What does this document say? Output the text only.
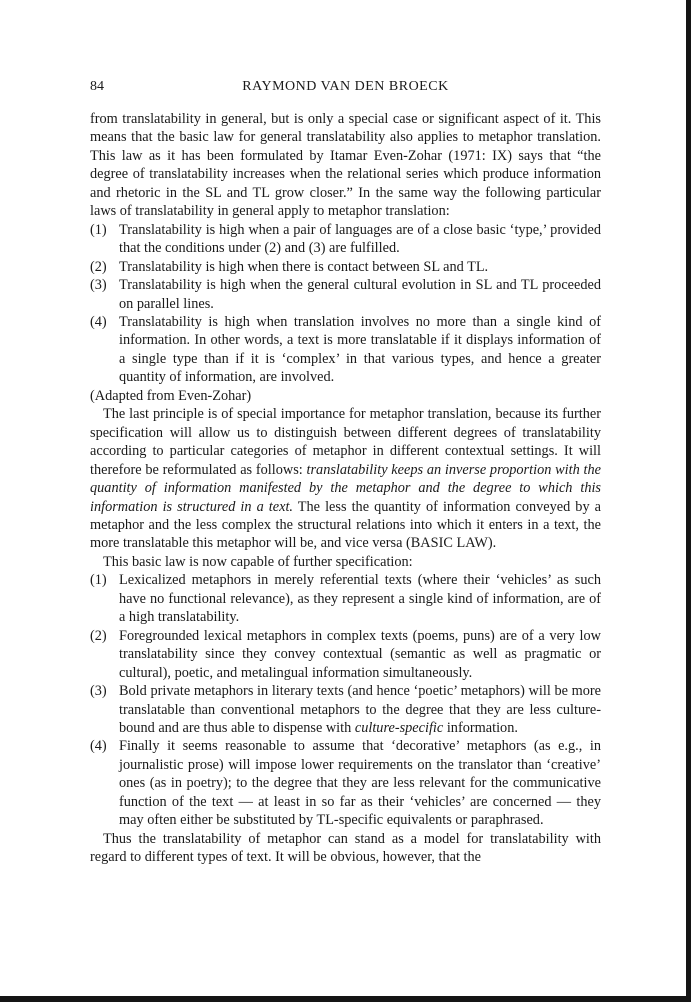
84	RAYMOND VAN DEN BROECK

from translatability in general, but is only a special case or significant aspect of it. This means that the basic law for general translatability also applies to metaphor translation. This law as it has been formulated by Itamar Even-Zohar (1971: IX) says that “the degree of translatability increases when the relational series which produce information and rhetoric in the SL and TL grow closer.” In the same way the following particular laws of translatability in general apply to metaphor translation:

(1) Translatability is high when a pair of languages are of a close basic ‘type,’ provided that the conditions under (2) and (3) are fulfilled.
(2) Translatability is high when there is contact between SL and TL.
(3) Translatability is high when the general cultural evolution in SL and TL proceeded on parallel lines.
(4) Translatability is high when translation involves no more than a single kind of information. In other words, a text is more translatable if it displays information of a single type than if it is ‘complex’ in that various types, and hence a greater quantity of information, are involved.

(Adapted from Even-Zohar)

The last principle is of special importance for metaphor translation, because its further specification will allow us to distinguish between different degrees of translatability according to particular categories of metaphor in different contextual settings. It will therefore be reformulated as follows: translatability keeps an inverse proportion with the quantity of information manifested by the metaphor and the degree to which this information is structured in a text. The less the quantity of information conveyed by a metaphor and the less complex the structural relations into which it enters in a text, the more translatable this metaphor will be, and vice versa (BASIC LAW).

This basic law is now capable of further specification:

(1) Lexicalized metaphors in merely referential texts (where their ‘vehicles’ as such have no functional relevance), as they represent a single kind of information, are of a high translatability.
(2) Foregrounded lexical metaphors in complex texts (poems, puns) are of a very low translatability since they convey contextual (semantic as well as pragmatic or cultural), poetic, and metalingual information simultaneously.
(3) Bold private metaphors in literary texts (and hence ‘poetic’ metaphors) will be more translatable than conventional metaphors to the degree that they are less culture-bound and are thus able to dispense with culture-specific information.
(4) Finally it seems reasonable to assume that ‘decorative’ metaphors (as e.g., in journalistic prose) will impose lower requirements on the translator than ‘creative’ ones (as in poetry); to the degree that they are less relevant for the communicative function of the text — at least in so far as their ‘vehicles’ are concerned — they may often either be substituted by TL-specific equivalents or paraphrased.

Thus the translatability of metaphor can stand as a model for translatability with regard to different types of text. It will be obvious, however, that the
